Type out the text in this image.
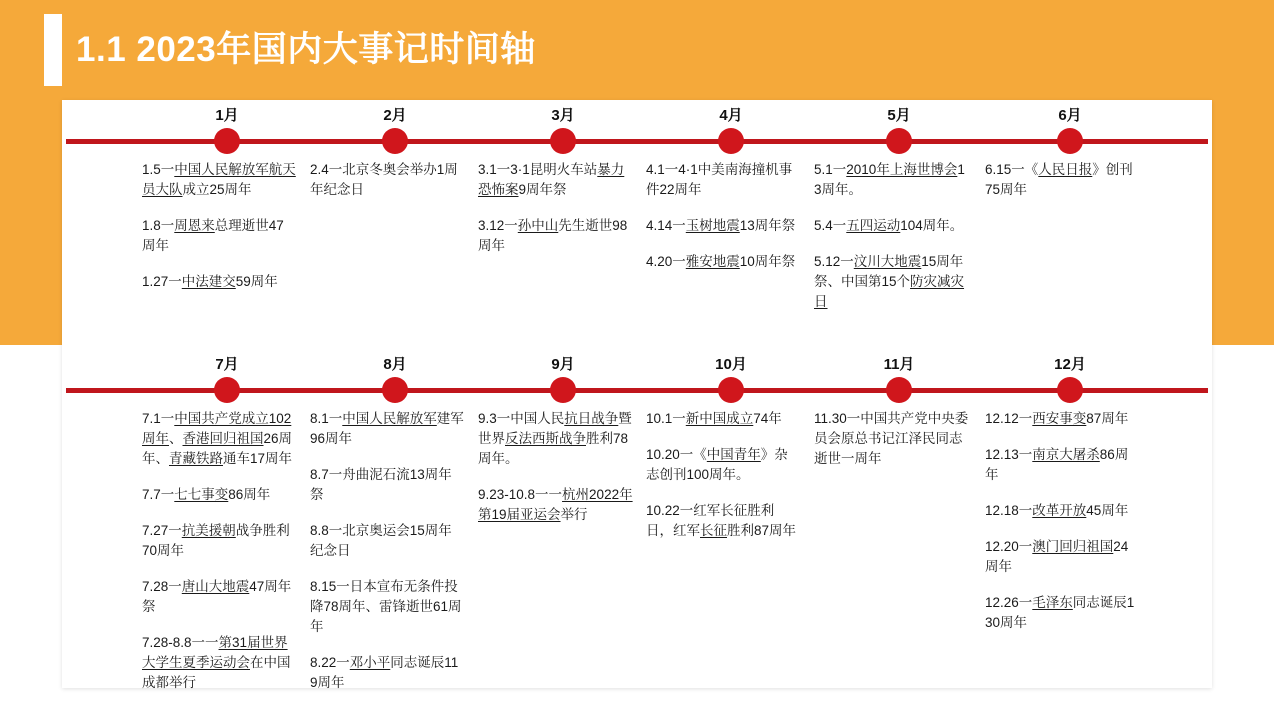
1.1 2023年国内大事记时间轴
1月	2月	3月	4月	5月	6月
1.5一中国人民解放军航天员大队成立25周年
1.8一周恩来总理逝世47周年
1.27一中法建交59周年
2.4一北京冬奥会举办1周年纪念日
3.1一3·1昆明火车站暴力恐怖案9周年祭
3.12一孙中山先生逝世98周年
4.1一4·1中美南海撞机事件22周年
4.14一玉树地震13周年祭
4.20一雅安地震10周年祭
5.1一2010年上海世博会13周年。
5.4一五四运动104周年。
5.12一汶川大地震15周年祭、中国第15个防灾减灾日
6.15一《人民日报》创刊75周年
7月	8月	9月	10月	11月	12月
7.1一中国共产党成立102周年、香港回归祖国26周年、青藏铁路通车17周年
7.7一七七事变86周年
7.27一抗美援朝战争胜利70周年
7.28一唐山大地震47周年祭
7.28-8.8一一第31届世界大学生夏季运动会在中国成都举行
8.1一中国人民解放军建军96周年
8.7一舟曲泥石流13周年祭
8.8一北京奥运会15周年纪念日
8.15一日本宣布无条件投降78周年、雷锋逝世61周年
8.22一邓小平同志诞辰119周年
9.3一中国人民抗日战争暨世界反法西斯战争胜利78周年。
9.23-10.8一一杭州2022年第19届亚运会举行
10.1一新中国成立74年
10.20一《中国青年》杂志创刊100周年。
10.22一红军长征胜利日，红军长征胜利87周年
11.30一中国共产党中央委员会原总书记江泽民同志逝世一周年
12.12一西安事变87周年
12.13一南京大屠杀86周年
12.18一改革开放45周年
12.20一澳门回归祖国24周年
12.26一毛泽东同志诞辰130周年
